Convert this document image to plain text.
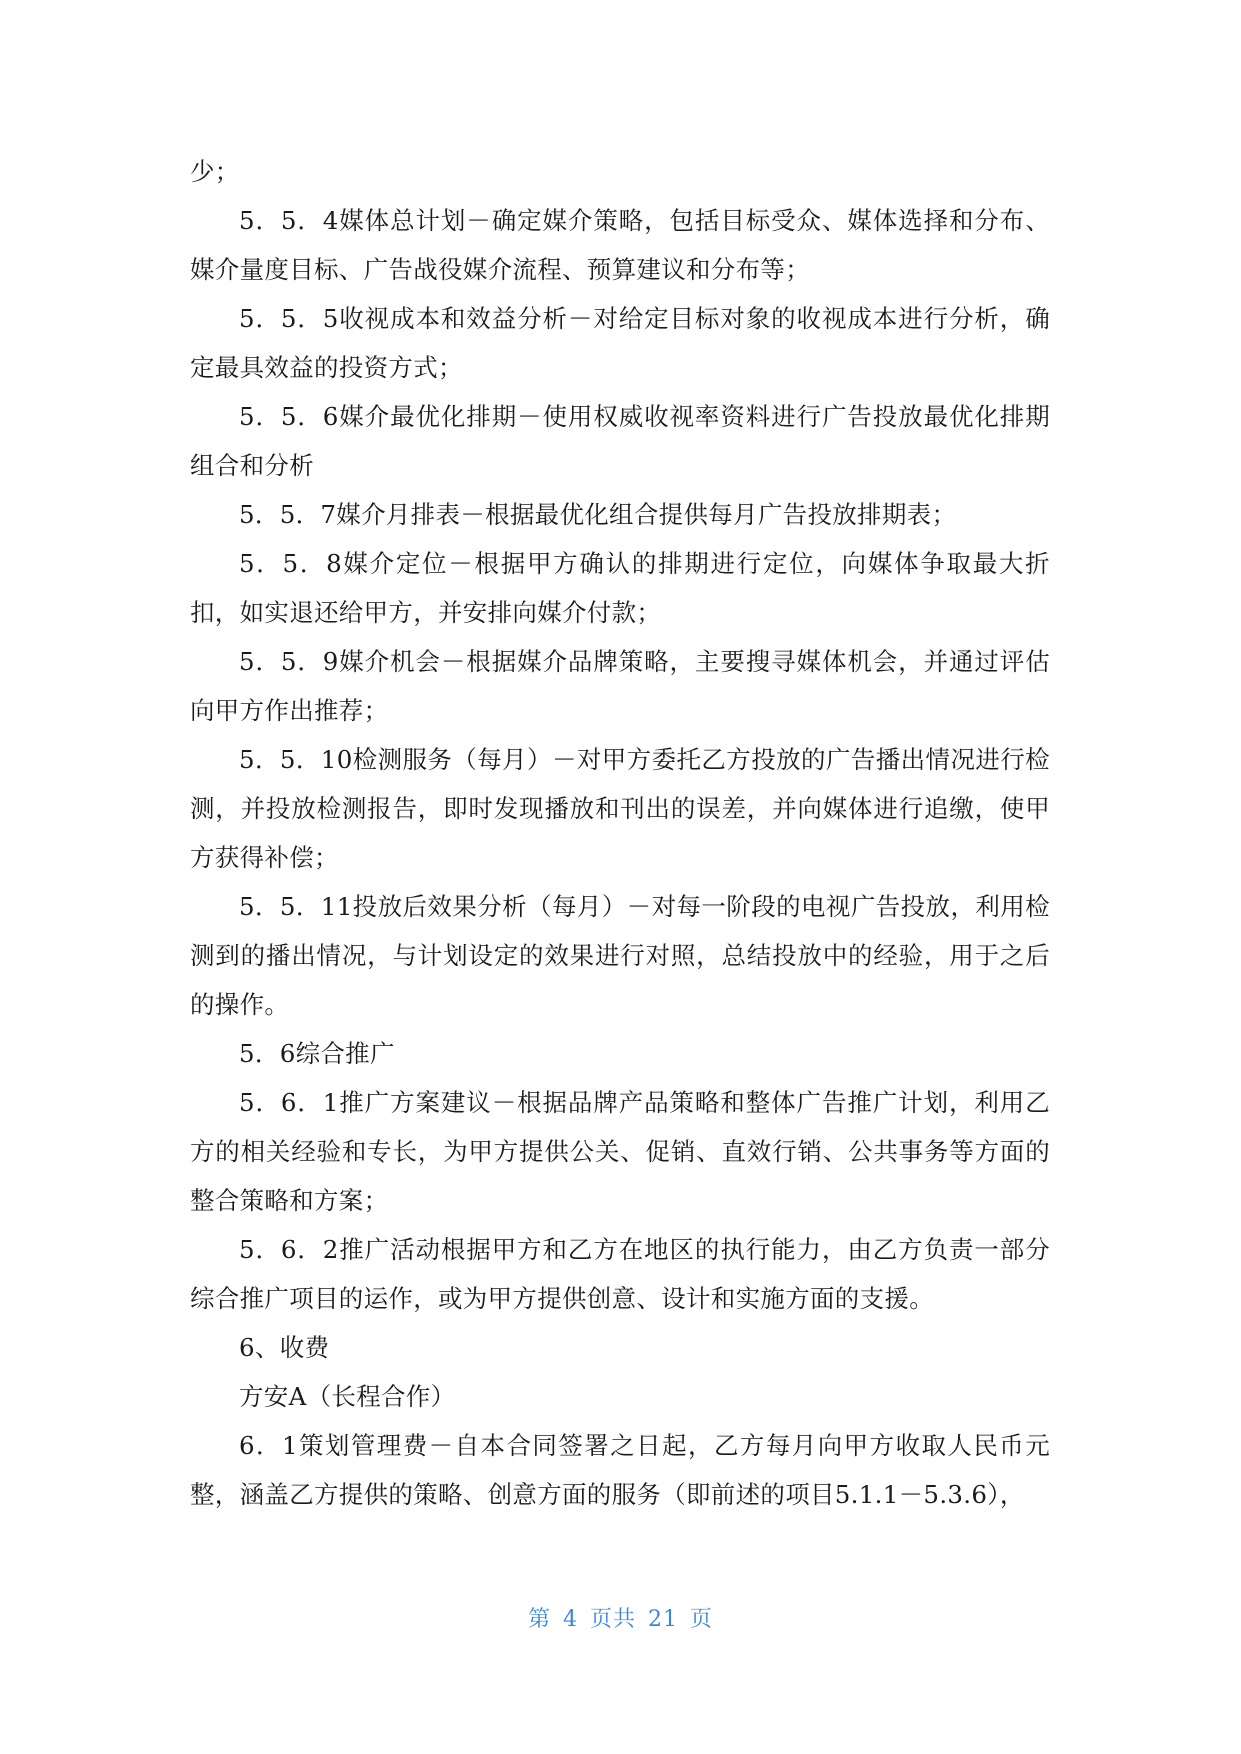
少；

5．5．4媒体总计划－确定媒介策略，包括目标受众、媒体选择和分布、媒介量度目标、广告战役媒介流程、预算建议和分布等；

5．5．5收视成本和效益分析－对给定目标对象的收视成本进行分析，确定最具效益的投资方式；

5．5．6媒介最优化排期－使用权威收视率资料进行广告投放最优化排期组合和分析

5．5．7媒介月排表－根据最优化组合提供每月广告投放排期表；

5．5．8媒介定位－根据甲方确认的排期进行定位，向媒体争取最大折扣，如实退还给甲方，并安排向媒介付款；

5．5．9媒介机会－根据媒介品牌策略，主要搜寻媒体机会，并通过评估向甲方作出推荐；

5．5．10检测服务（每月）－对甲方委托乙方投放的广告播出情况进行检测，并投放检测报告，即时发现播放和刊出的误差，并向媒体进行追缴，使甲方获得补偿；

5．5．11投放后效果分析（每月）－对每一阶段的电视广告投放，利用检测到的播出情况，与计划设定的效果进行对照，总结投放中的经验，用于之后的操作。

5．6综合推广

5．6．1推广方案建议－根据品牌产品策略和整体广告推广计划，利用乙方的相关经验和专长，为甲方提供公关、促销、直效行销、公共事务等方面的整合策略和方案；

5．6．2推广活动根据甲方和乙方在地区的执行能力，由乙方负责一部分综合推广项目的运作，或为甲方提供创意、设计和实施方面的支援。

6、收费

方安A（长程合作）

6．1策划管理费－自本合同签署之日起，乙方每月向甲方收取人民币元整，涵盖乙方提供的策略、创意方面的服务（即前述的项目5.1.1－5.3.6），

第 4 页共 21 页
